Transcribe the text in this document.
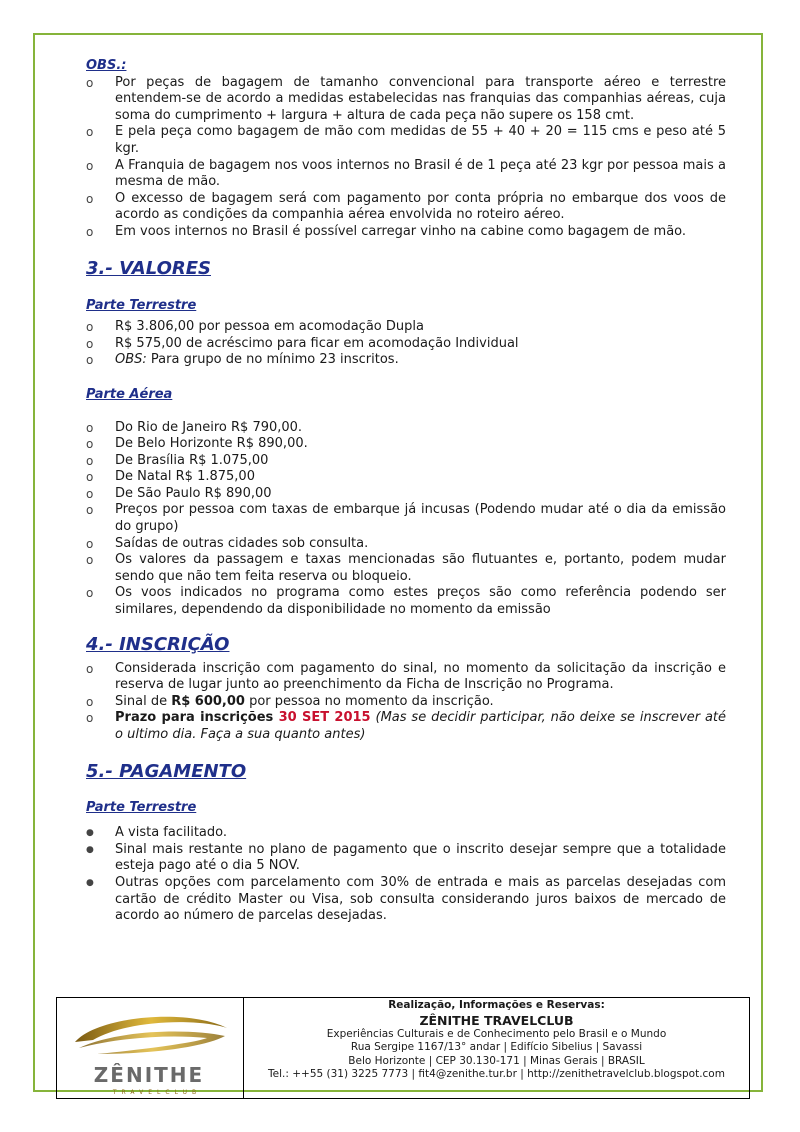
OBS.:

o	Por peças de bagagem de tamanho convencional para transporte aéreo e terrestre entendem-se de acordo a medidas estabelecidas nas franquias das companhias aéreas, cuja soma do cumprimento + largura + altura de cada peça não supere os 158 cmt.
o	E pela peça como bagagem de mão com medidas de 55 + 40 + 20 = 115 cms e peso até 5 kgr.
o	A Franquia de bagagem nos voos internos no Brasil é de 1 peça até 23 kgr por pessoa mais a mesma de mão.
o	O excesso de bagagem será com pagamento por conta própria no embarque dos voos de acordo as condições da companhia aérea envolvida no roteiro aéreo.
o	Em voos internos no Brasil é possível carregar vinho na cabine como bagagem de mão.
3.- VALORES

Parte Terrestre

o	R$ 3.806,00 por pessoa em acomodação Dupla
o	R$ 575,00 de acréscimo para ficar em acomodação Individual
o	OBS: Para grupo de no mínimo 23 inscritos.

Parte Aérea

o	Do Rio de Janeiro R$ 790,00.
o	De Belo Horizonte R$ 890,00.
o	De Brasília R$ 1.075,00
o	De Natal R$ 1.875,00
o	De São Paulo R$ 890,00
o	Preços por pessoa com taxas de embarque já incusas (Podendo mudar até o dia da emissão do grupo)
o	Saídas de outras cidades sob consulta.
o	Os valores da passagem e taxas mencionadas são flutuantes e, portanto, podem mudar sendo que não tem feita reserva ou bloqueio.
o	Os voos indicados no programa como estes preços são como referência podendo ser similares, dependendo da disponibilidade no momento da emissão
4.- INSCRIÇÃO
o	Considerada inscrição com pagamento do sinal, no momento da solicitação da inscrição e reserva de lugar junto ao preenchimento da Ficha de Inscrição no Programa.
o	Sinal de R$ 600,00 por pessoa no momento da inscrição.
o	Prazo para inscrições 30 SET 2015 (Mas se decidir participar, não deixe se inscrever até o ultimo dia. Faça a sua quanto antes)
5.- PAGAMENTO

Parte Terrestre

●	A vista facilitado.
●	Sinal mais restante no plano de pagamento que o inscrito desejar sempre que a totalidade esteja pago até o dia 5 NOV.
●	Outras opções com parcelamento com 30% de entrada e mais as parcelas desejadas com cartão de crédito Master ou Visa, sob consulta considerando juros baixos de mercado de acordo ao número de parcelas desejadas.
ZÊNITHE
TRAVELCLUB
Realização, Informações e Reservas:
ZÊNITHE TRAVELCLUB
Experiências Culturais e de Conhecimento pelo Brasil e o Mundo
Rua Sergipe 1167/13° andar | Edifício Sibelius | Savassi
Belo Horizonte | CEP 30.130-171 | Minas Gerais | BRASIL
Tel.: ++55 (31) 3225 7773 | fit4@zenithe.tur.br | http://zenithetravelclub.blogspot.com
